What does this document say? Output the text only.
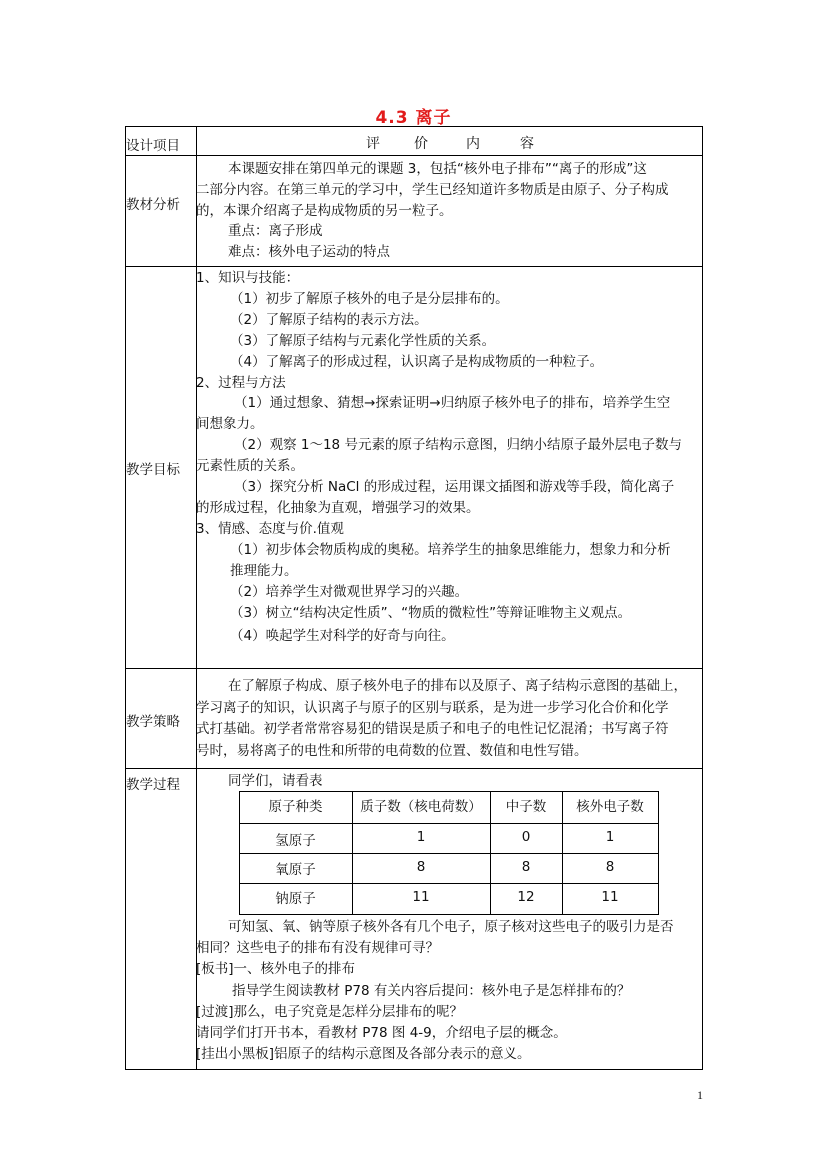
4.3 离子
设计项目	评 价	内	容
教材分析

本课题安排在第四单元的课题 3，包括“核外电子排布”“离子的形成”这

二部分内容。在第三单元的学习中，学生已经知道许多物质是由原子、分子构成

的，本课介绍离子是构成物质的另一粒子。

重点：离子形成

难点：核外电子运动的特点

教学目标

1、知识与技能：

（1）初步了解原子核外的电子是分层排布的。

（2）了解原子结构的表示方法。

（3）了解原子结构与元素化学性质的关系。

（4）了解离子的形成过程，认识离子是构成物质的一种粒子。

2、过程与方法

（1）通过想象、猜想→探索证明→归纳原子核外电子的排布，培养学生空

间想象力。

（2）观察 1～18 号元素的原子结构示意图，归纳小结原子最外层电子数与

元素性质的关系。

（3）探究分析 NaCl 的形成过程，运用课文插图和游戏等手段，简化离子

的形成过程，化抽象为直观，增强学习的效果。

3、情感、态度与价.值观

（1）初步体会物质构成的奥秘。培养学生的抽象思维能力，想象力和分析

推理能力。

（2）培养学生对微观世界学习的兴趣。

（3）树立“结构决定性质”、“物质的微粒性”等辩证唯物主义观点。

（4）唤起学生对科学的好奇与向往。

教学策略

在了解原子构成、原子核外电子的排布以及原子、离子结构示意图的基础上，

学习离子的知识，认识离子与原子的区别与联系，是为进一步学习化合价和化学

式打基础。初学者常常容易犯的错误是质子和电子的电性记忆混淆；书写离子符

号时，易将离子的电性和所带的电荷数的位置、数值和电性写错。

教学过程	同学们，请看表

原子种类	质子数（核电荷数）	中子数	核外电子数
氢原子	1	0	1
氧原子	8	8	8
钠原子	11	12	11

可知氢、氧、钠等原子核外各有几个电子，原子核对这些电子的吸引力是否

相同？这些电子的排布有没有规律可寻？

[板书]一、核外电子的排布

指导学生阅读教材 P78 有关内容后提问：核外电子是怎样排布的？

[过渡]那么，电子究竟是怎样分层排布的呢？

请同学们打开书本，看教材 P78 图 4-9，介绍电子层的概念。

[挂出小黑板]铝原子的结构示意图及各部分表示的意义。

1
